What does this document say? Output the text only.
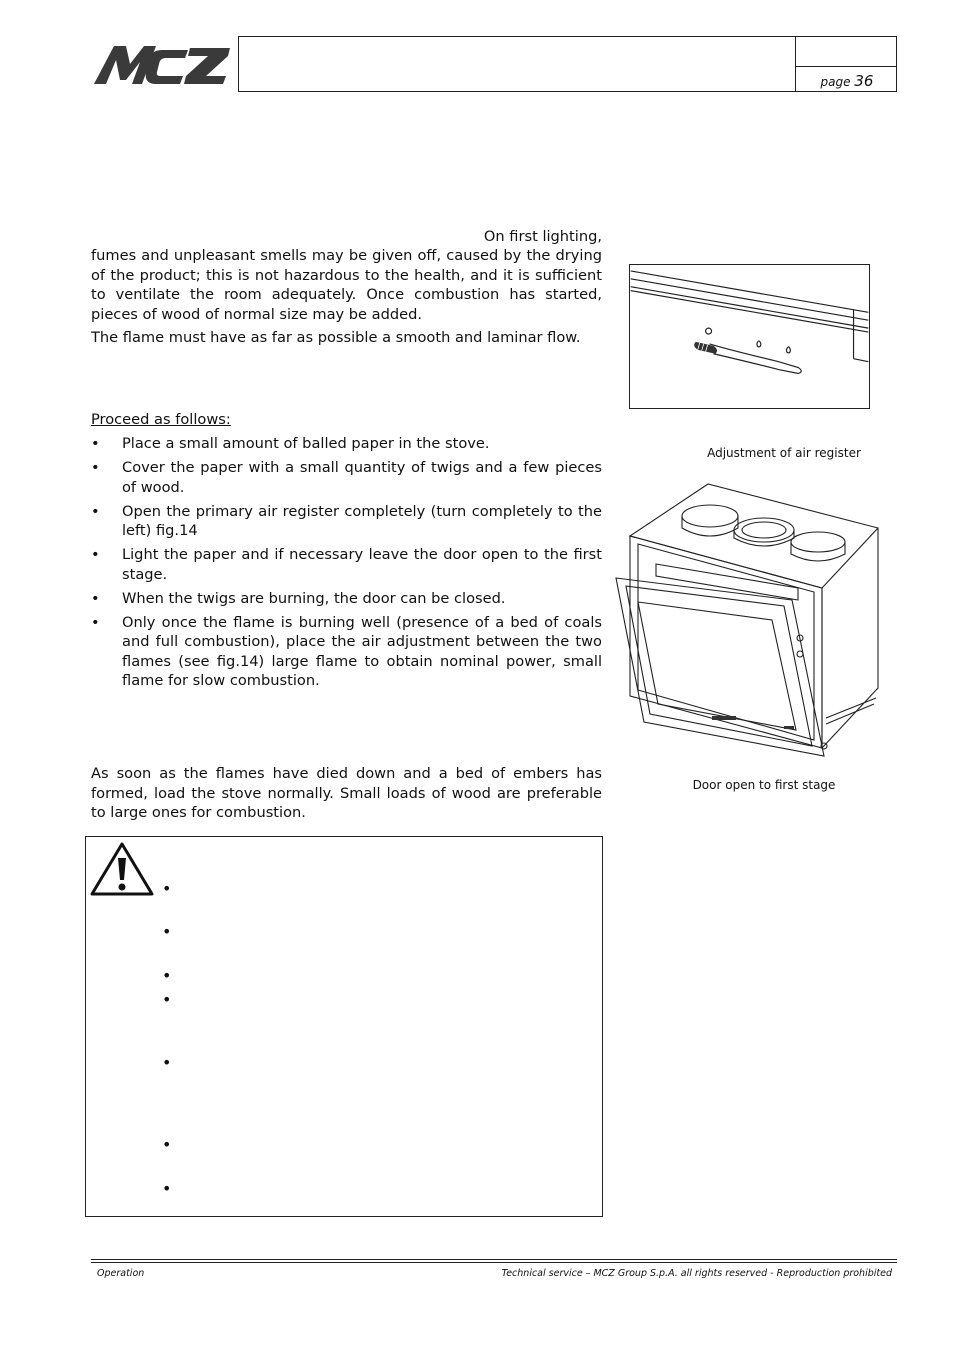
MCZ
page 36
On first lighting,
fumes and unpleasant smells may be given off, caused by the drying of the product; this is not hazardous to the health, and it is sufficient to ventilate the room adequately. Once combustion has started, pieces of wood of normal size may be added.
The flame must have as far as possible a smooth and laminar flow.
Proceed as follows:
• Place a small amount of balled paper in the stove.
• Cover the paper with a small quantity of twigs and a few pieces of wood.
• Open the primary air register completely (turn completely to the left) fig.14
• Light the paper and if necessary leave the door open to the first stage.
• When the twigs are burning, the door can be closed.
• Only once the flame is burning well (presence of a bed of coals and full combustion), place the air adjustment between the two flames (see fig.14) large flame to obtain nominal power, small flame for slow combustion.
As soon as the flames have died down and a bed of embers has formed, load the stove normally. Small loads of wood are preferable to large ones for combustion.
Adjustment of air register
Door open to first stage
•
•
•
•
•
•
•
Operation	Technical service – MCZ Group S.p.A. all rights reserved - Reproduction prohibited
